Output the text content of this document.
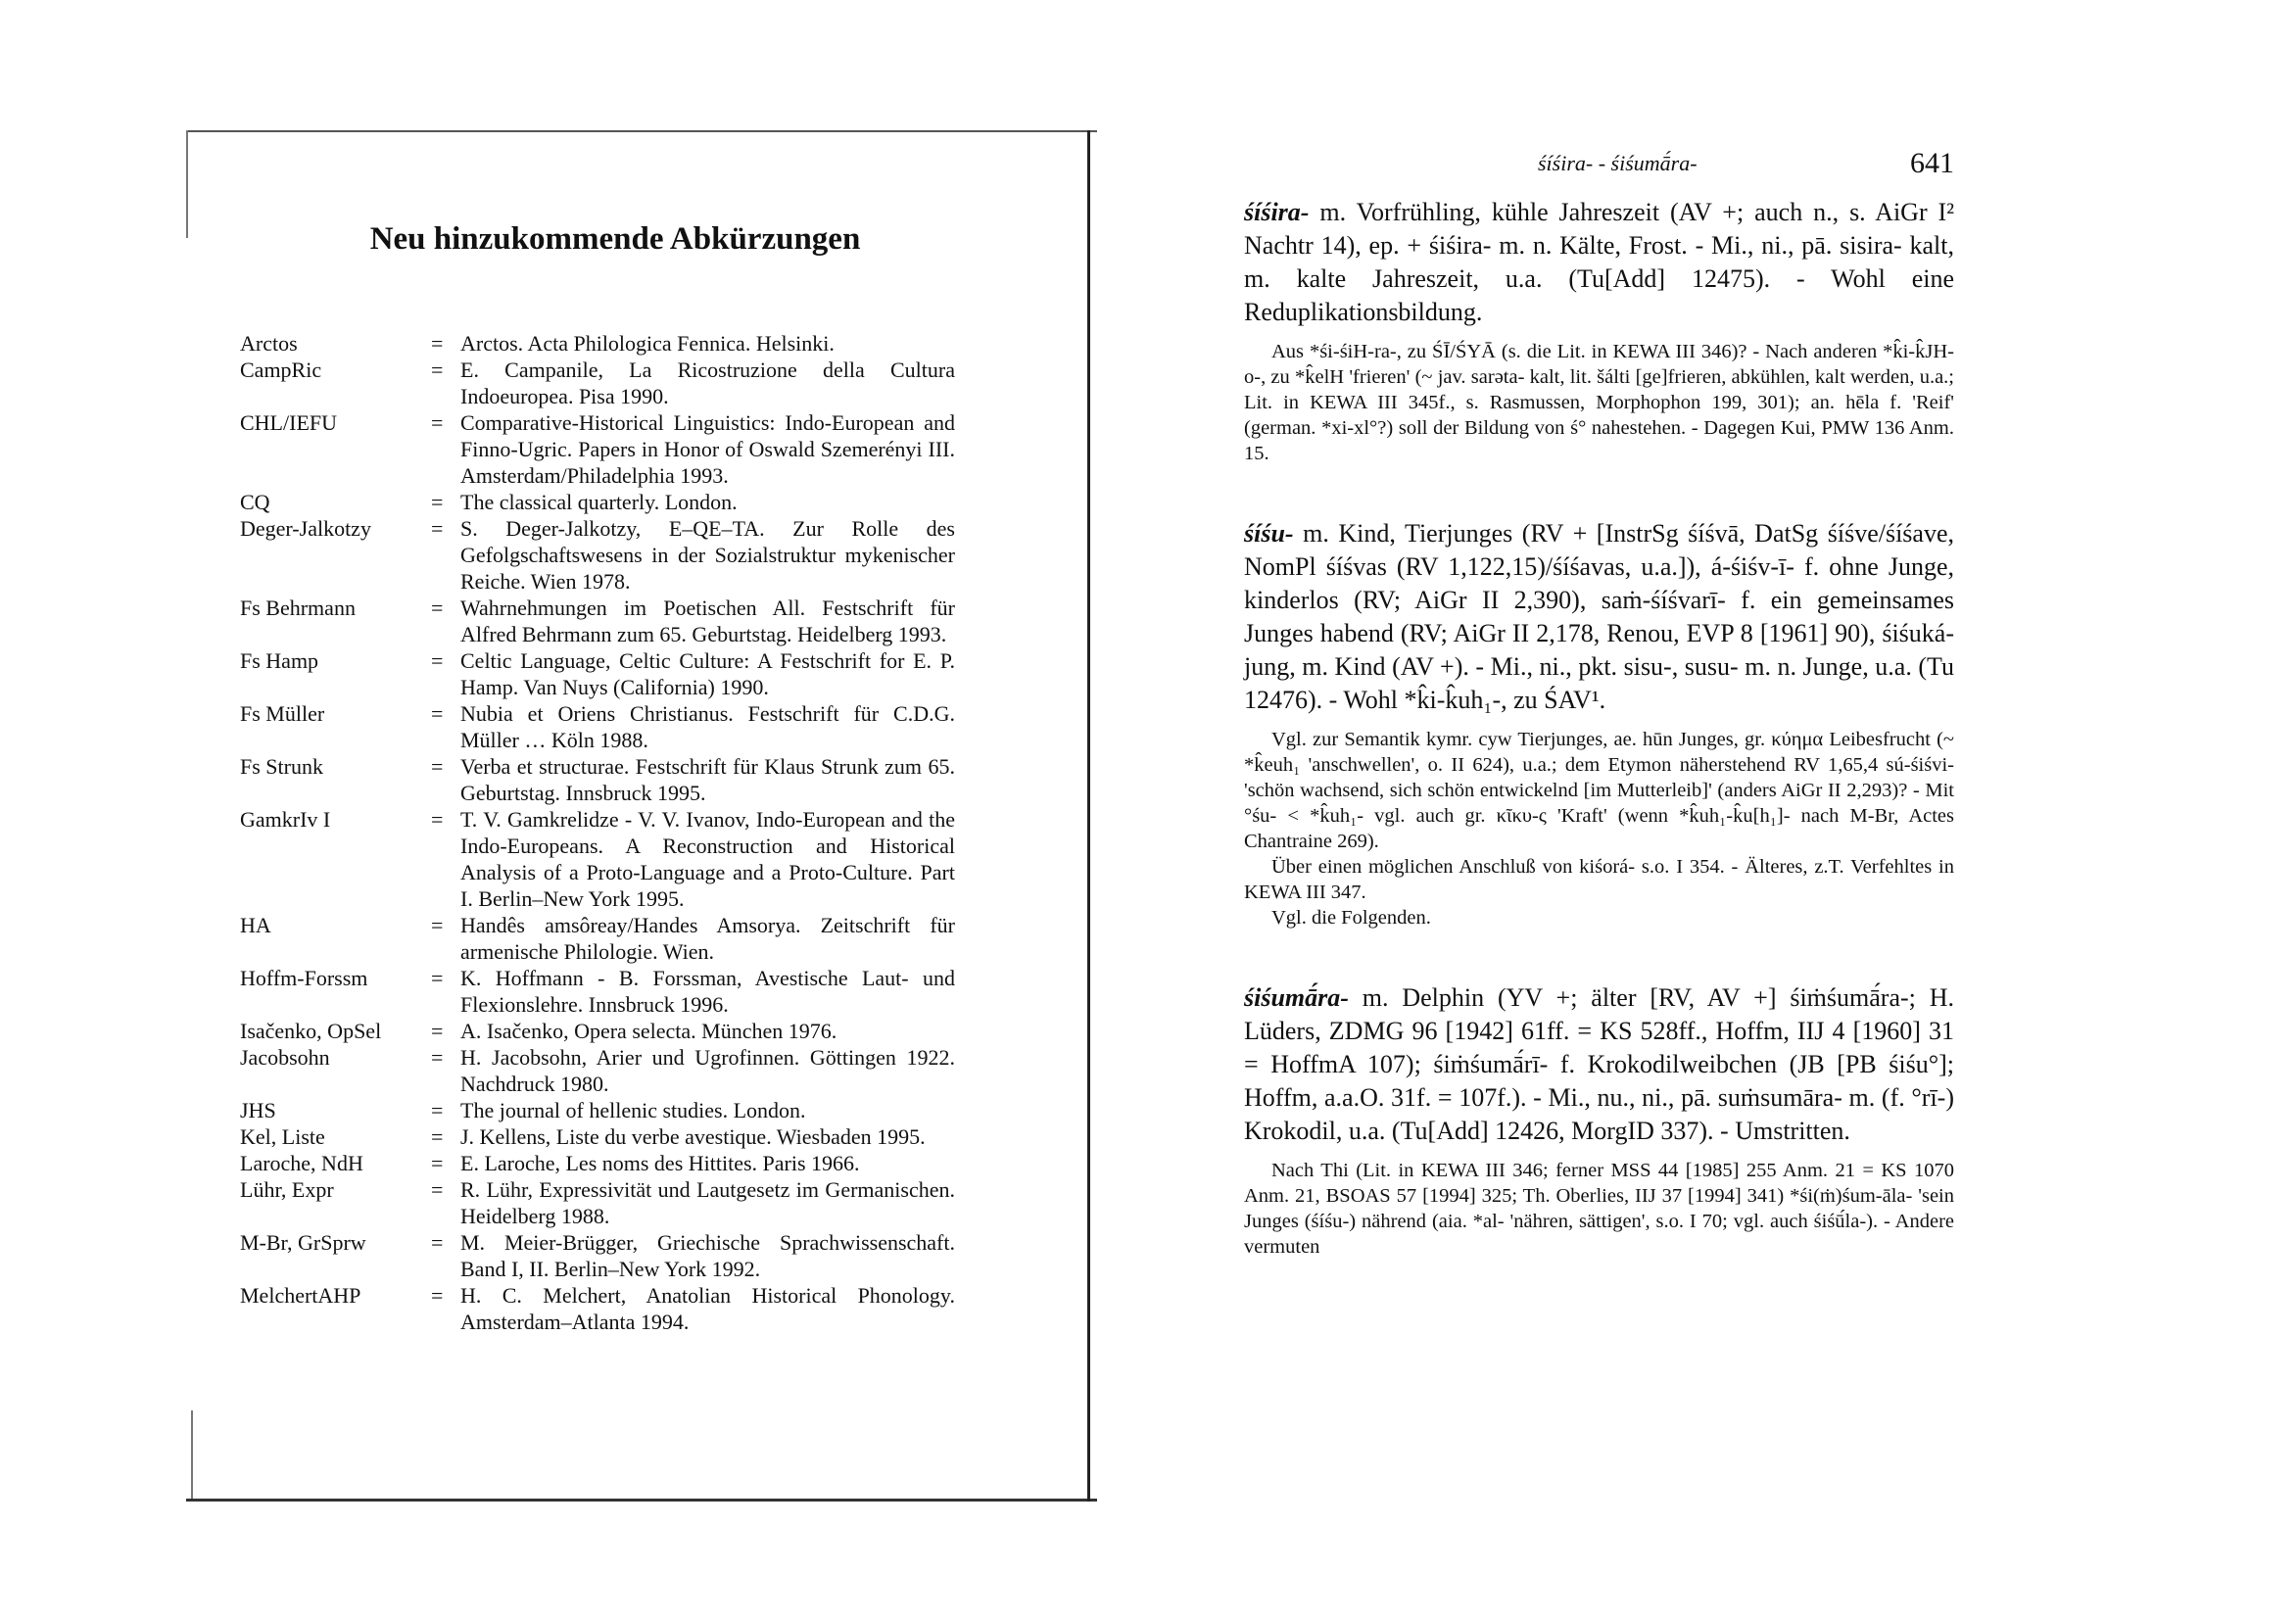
Neu hinzukommende Abkürzungen
Arctos	= Arctos. Acta Philologica Fennica. Helsinki.
CampRic	= E. Campanile, La Ricostruzione della Cultura Indoeuropea. Pisa 1990.
CHL/IEFU	= Comparative-Historical Linguistics: Indo-European and Finno-Ugric. Papers in Honor of Oswald Szemerényi III. Amsterdam/Philadelphia 1993.
CQ	= The classical quarterly. London.
Deger-Jalkotzy	= S. Deger-Jalkotzy, E–QE–TA. Zur Rolle des Gefolgschaftswesens in der Sozialstruktur mykenischer Reiche. Wien 1978.
Fs Behrmann	= Wahrnehmungen im Poetischen All. Festschrift für Alfred Behrmann zum 65. Geburtstag. Heidelberg 1993.
Fs Hamp	= Celtic Language, Celtic Culture: A Festschrift for E. P. Hamp. Van Nuys (California) 1990.
Fs Müller	= Nubia et Oriens Christianus. Festschrift für C.D.G. Müller … Köln 1988.
Fs Strunk	= Verba et structurae. Festschrift für Klaus Strunk zum 65. Geburtstag. Innsbruck 1995.
GamkrIv I	= T. V. Gamkrelidze - V. V. Ivanov, Indo-European and the Indo-Europeans. A Reconstruction and Historical Analysis of a Proto-Language and a Proto-Culture. Part I. Berlin–New York 1995.
HA	= Handês amsôreay/Handes Amsorya. Zeitschrift für armenische Philologie. Wien.
Hoffm-Forssm	= K. Hoffmann - B. Forssman, Avestische Laut- und Flexionslehre. Innsbruck 1996.
Isačenko, OpSel	= A. Isačenko, Opera selecta. München 1976.
Jacobsohn	= H. Jacobsohn, Arier und Ugrofinnen. Göttingen 1922. Nachdruck 1980.
JHS	= The journal of hellenic studies. London.
Kel, Liste	= J. Kellens, Liste du verbe avestique. Wiesbaden 1995.
Laroche, NdH	= E. Laroche, Les noms des Hittites. Paris 1966.
Lühr, Expr	= R. Lühr, Expressivität und Lautgesetz im Germanischen. Heidelberg 1988.
M-Br, GrSprw	= M. Meier-Brügger, Griechische Sprachwissenschaft. Band I, II. Berlin–New York 1992.
MelchertAHP	= H. C. Melchert, Anatolian Historical Phonology. Amsterdam–Atlanta 1994.
śíśira- - śiśumā́ra-	641
śíśira- m. Vorfrühling, kühle Jahreszeit (AV +; auch n., s. AiGr I² Nachtr 14), ep. + śiśira- m. n. Kälte, Frost. - Mi., ni., pā. sisira- kalt, m. kalte Jahreszeit, u.a. (Tu[Add] 12475). - Wohl eine Reduplikationsbildung.

Aus *śi-śiH-ra-, zu ŚĪ/ŚYĀ (s. die Lit. in KEWA III 346)? - Nach anderen *k̂i-k̂JH-o-, zu *k̂elH 'frieren' (~ jav. sarəta- kalt, lit. šálti [ge]frieren, abkühlen, kalt werden, u.a.; Lit. in KEWA III 345f., s. Rasmussen, Morphophon 199, 301); an. hēla f. 'Reif' (german. *xi-xl°?) soll der Bildung von ś° nahestehen. - Dagegen Kui, PMW 136 Anm. 15.

śíśu- m. Kind, Tierjunges (RV + [InstrSg śíśvā, DatSg śíśve/śíśave, NomPl śíśvas (RV 1,122,15)/śíśavas, u.a.]), á-śiśv-ī- f. ohne Junge, kinderlos (RV; AiGr II 2,390), saṁ-śíśvarī- f. ein gemeinsames Junges habend (RV; AiGr II 2,178, Renou, EVP 8 [1961] 90), śiśuká- jung, m. Kind (AV +). - Mi., ni., pkt. sisu-, susu- m. n. Junge, u.a. (Tu 12476). - Wohl *k̂i-k̂uh₁-, zu ŚAV¹.

Vgl. zur Semantik kymr. cyw Tierjunges, ae. hūn Junges, gr. κύημα Leibesfrucht (~ *k̂euh₁ 'anschwellen', o. II 624), u.a.; dem Etymon näherstehend RV 1,65,4 sú-śiśvi- 'schön wachsend, sich schön entwickelnd [im Mutterleib]' (anders AiGr II 2,293)? - Mit °śu- < *k̂uh₁- vgl. auch gr. κῖκυ-ς 'Kraft' (wenn *k̂uh₁-k̂u[h₁]- nach M-Br, Actes Chantraine 269).

Über einen möglichen Anschluß von kiśorá- s.o. I 354. - Älteres, z.T. Verfehltes in KEWA III 347.

Vgl. die Folgenden.

śiśumā́ra- m. Delphin (YV +; älter [RV, AV +] śiṁśumā́ra-; H. Lüders, ZDMG 96 [1942] 61ff. = KS 528ff., Hoffm, IIJ 4 [1960] 31 = HoffmA 107); śiṁśumā́rī- f. Krokodilweibchen (JB [PB śiśu°]; Hoffm, a.a.O. 31f. = 107f.). - Mi., nu., ni., pā. suṁsumāra- m. (f. °rī-) Krokodil, u.a. (Tu[Add] 12426, MorgID 337). - Umstritten.

Nach Thi (Lit. in KEWA III 346; ferner MSS 44 [1985] 255 Anm. 21 = KS 1070 Anm. 21, BSOAS 57 [1994] 325; Th. Oberlies, IIJ 37 [1994] 341) *śi(ṁ)śum-āla- 'sein Junges (śíśu-) nährend (aia. *al- 'nähren, sättigen', s.o. I 70; vgl. auch śiśū́la-). - Andere vermuten
